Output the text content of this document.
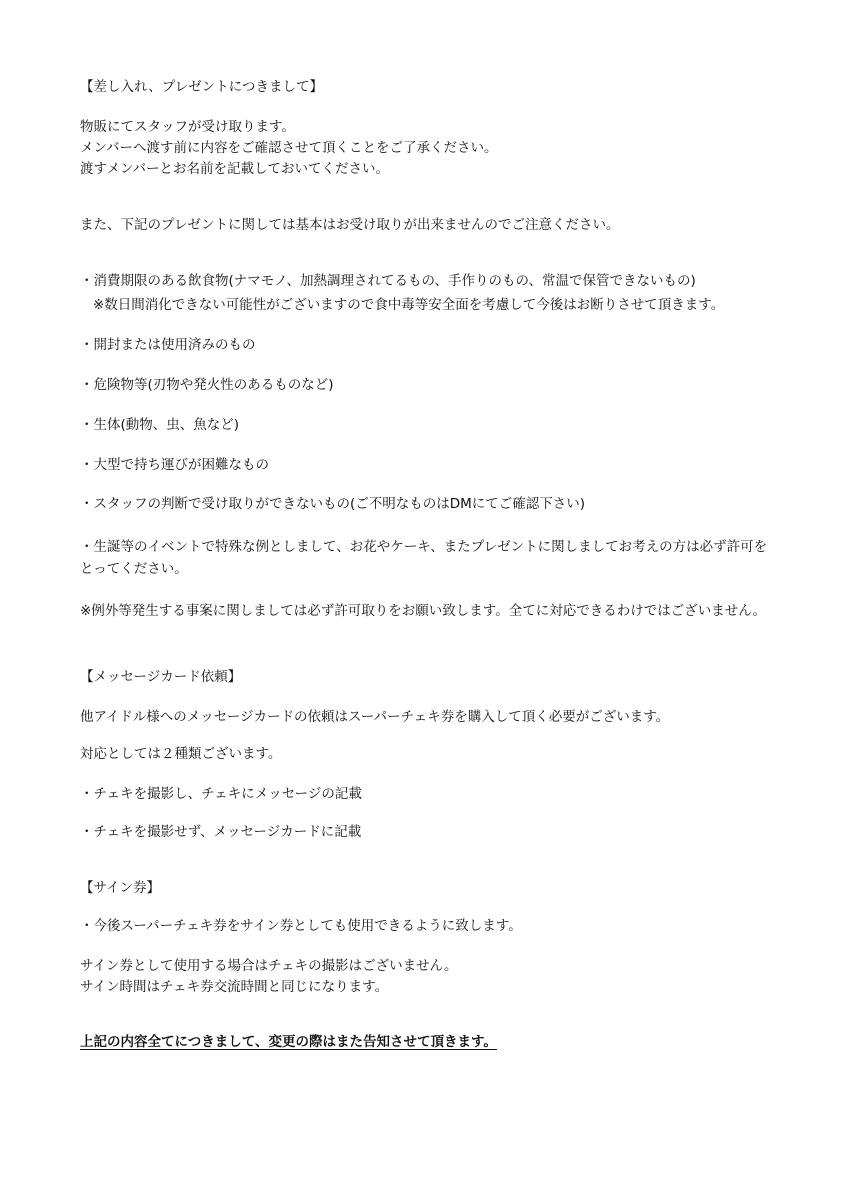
【差し入れ、プレゼントにつきまして】
物販にてスタッフが受け取ります。
メンバーへ渡す前に内容をご確認させて頂くことをご了承ください。
渡すメンバーとお名前を記載しておいてください。
また、下記のプレゼントに関しては基本はお受け取りが出来ませんのでご注意ください。
・消費期限のある飲食物(ナマモノ、加熱調理されてるもの、手作りのもの、常温で保管できないもの)
※数日間消化できない可能性がございますので食中毒等安全面を考慮して今後はお断りさせて頂きます。
・開封または使用済みのもの
・危険物等(刃物や発火性のあるものなど)
・生体(動物、虫、魚など)
・大型で持ち運びが困難なもの
・スタッフの判断で受け取りができないもの(ご不明なものはDMにてご確認下さい)
・生誕等のイベントで特殊な例としまして、お花やケーキ、またプレゼントに関しましてお考えの方は必ず許可をとってください。
※例外等発生する事案に関しましては必ず許可取りをお願い致します。全てに対応できるわけではございません。
【メッセージカード依頼】
他アイドル様へのメッセージカードの依頼はスーパーチェキ券を購入して頂く必要がございます。
対応としては２種類ございます。
・チェキを撮影し、チェキにメッセージの記載
・チェキを撮影せず、メッセージカードに記載
【サイン券】
・今後スーパーチェキ券をサイン券としても使用できるように致します。
サイン券として使用する場合はチェキの撮影はございません。
サイン時間はチェキ券交流時間と同じになります。
上記の内容全てにつきまして、変更の際はまた告知させて頂きます。
